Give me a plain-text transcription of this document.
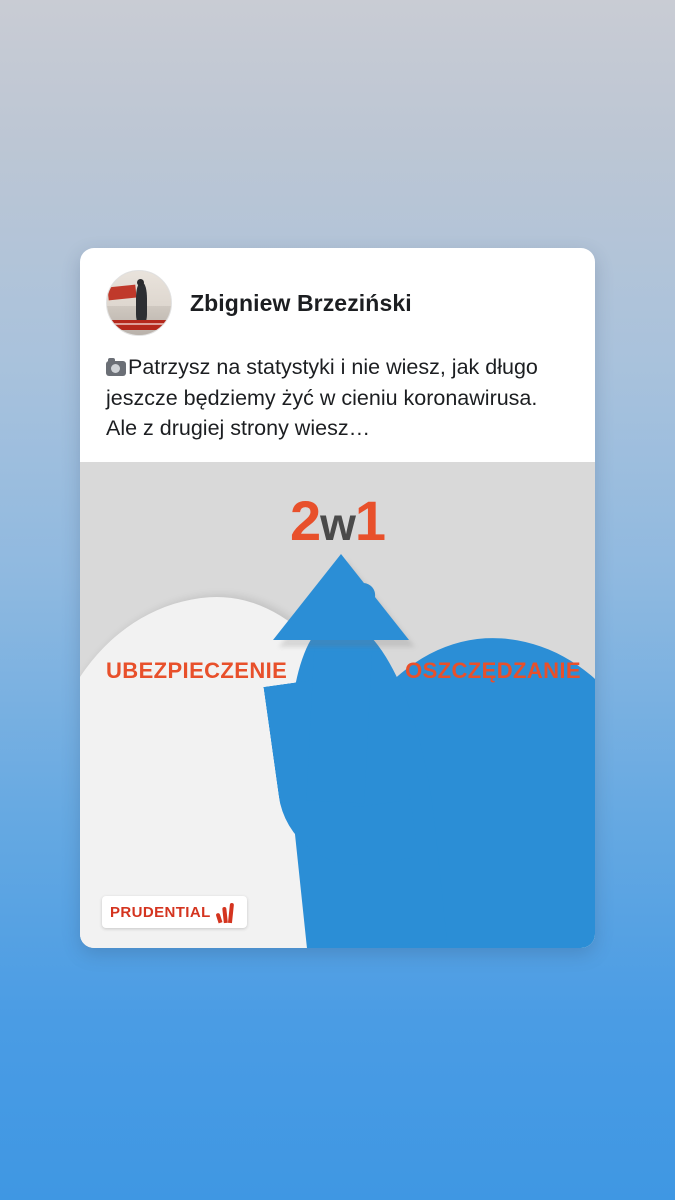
Zbigniew Brzeziński
Patrzysz na statystyki i nie wiesz, jak długo jeszcze będziemy żyć w cieniu koronawirusa. Ale z drugiej strony wiesz…
2w1
UBEZPIECZENIE	OSZCZĘDZANIE
PRUDENTIAL
